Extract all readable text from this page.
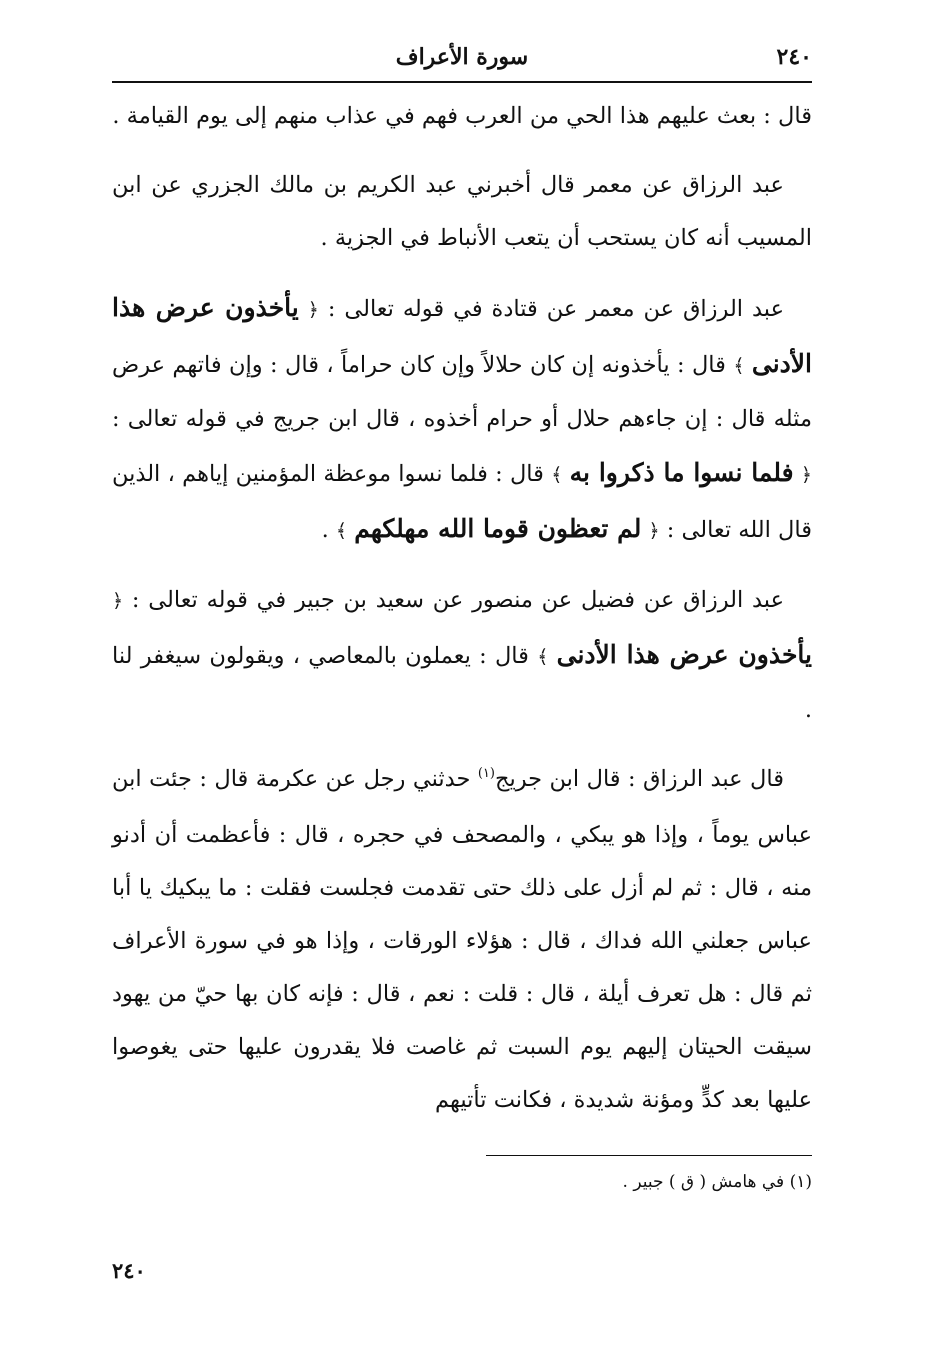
٢٤٠
سورة الأعراف

قال : بعث عليهم هذا الحي من العرب فهم في عذاب منهم إلى يوم القيامة .

عبد الرزاق عن معمر قال أخبرني عبد الكريم بن مالك الجزري عن ابن المسيب أنه كان يستحب أن يتعب الأنباط في الجزية .

عبد الرزاق عن معمر عن قتادة في قوله تعالى : ﴿ يأخذون عرض هذا الأدنى ﴾ قال : يأخذونه إن كان حلالاً وإن كان حراماً ، قال : وإن فاتهم عرض مثله قال : إن جاءهم حلال أو حرام أخذوه ، قال ابن جريج في قوله تعالى : ﴿ فلما نسوا ما ذكروا به ﴾ قال : فلما نسوا موعظة المؤمنين إياهم ، الذين قال الله تعالى : ﴿ لم تعظون قوما الله مهلكهم ﴾ .

عبد الرزاق عن فضيل عن منصور عن سعيد بن جبير في قوله تعالى : ﴿ يأخذون عرض هذا الأدنى ﴾ قال : يعملون بالمعاصي ، ويقولون سيغفر لنا .

قال عبد الرزاق : قال ابن جريج$^{(١)}$ حدثني رجل عن عكرمة قال : جئت ابن عباس يوماً ، وإذا هو يبكي ، والمصحف في حجره ، قال : فأعظمت أن أدنو منه ، قال : ثم لم أزل على ذلك حتى تقدمت فجلست فقلت : ما يبكيك يا أبا عباس جعلني الله فداك ، قال : هؤلاء الورقات ، وإذا هو في سورة الأعراف ثم قال : هل تعرف أيلة ، قال : قلت : نعم ، قال : فإنه كان بها حيّ من يهود سيقت الحيتان إليهم يوم السبت ثم غاصت فلا يقدرون عليها حتى يغوصوا عليها بعد كدٍّ ومؤنة شديدة ، فكانت تأتيهم

(١) في هامش ( ق ) جبير .
٢٤٠
